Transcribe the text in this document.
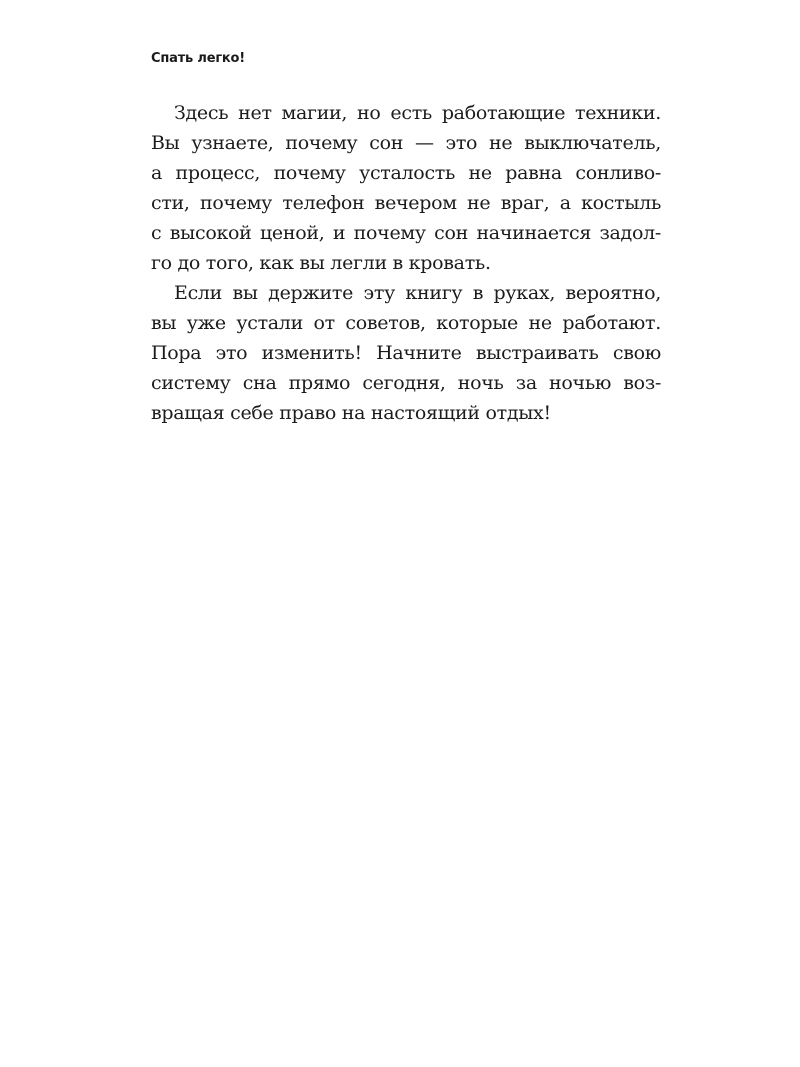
Спать легко!
Здесь нет магии, но есть работающие техники.
Вы узнаете, почему сон — это не выключатель,
а процесс, почему усталость не равна сонливо-
сти, почему телефон вечером не враг, а костыль
с высокой ценой, и почему сон начинается задол-
го до того, как вы легли в кровать.
Если вы держите эту книгу в руках, вероятно,
вы уже устали от советов, которые не работают.
Пора это изменить! Начните выстраивать свою
систему сна прямо сегодня, ночь за ночью воз-
вращая себе право на настоящий отдых!
